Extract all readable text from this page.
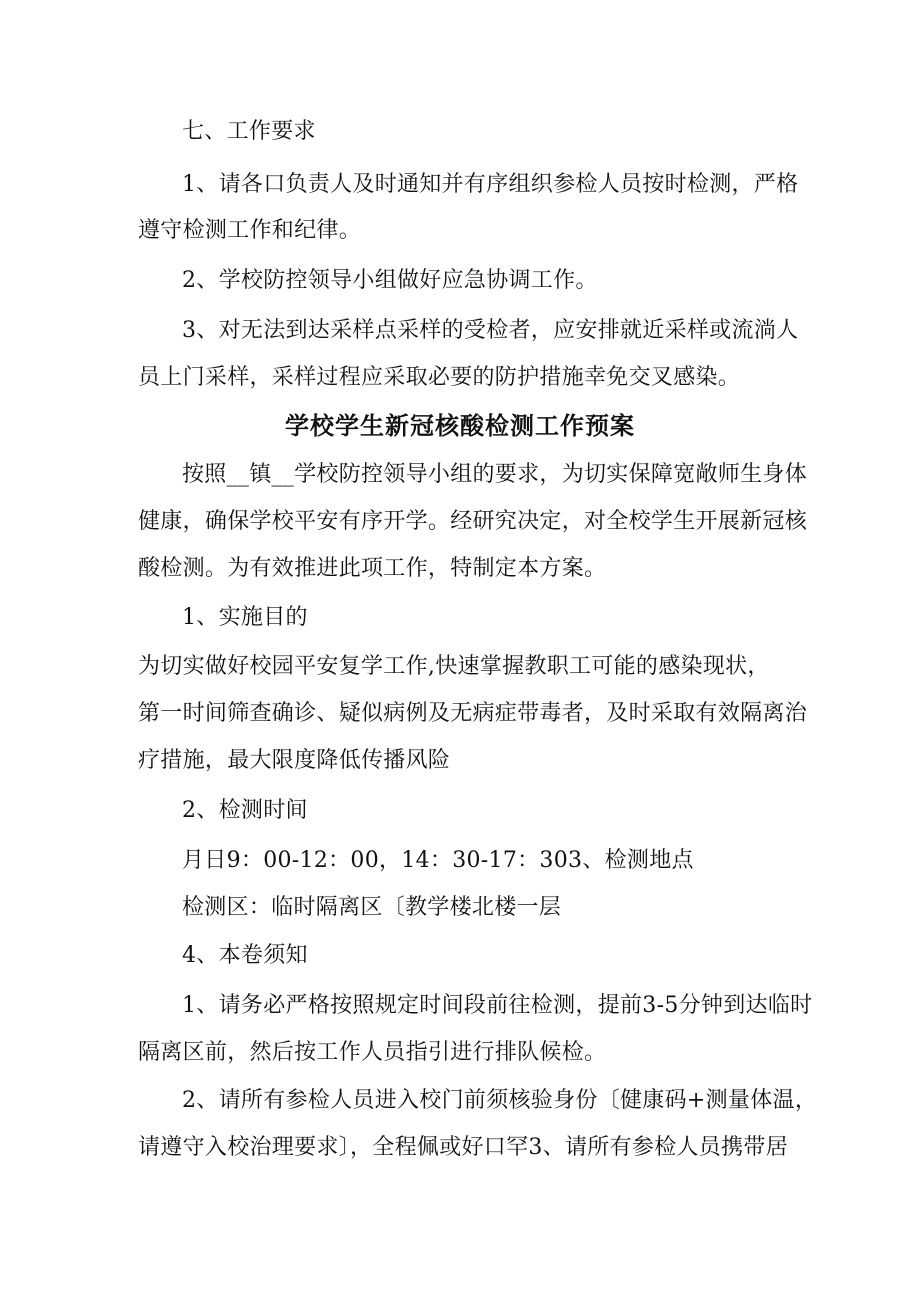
七、工作要求
1、请各口负责人及时通知并有序组织参检人员按时检测，严格
遵守检测工作和纪律。
2、学校防控领导小组做好应急协调工作。
3、对无法到达采样点采样的受检者，应安排就近采样或流淌人
员上门采样，采样过程应采取必要的防护措施幸免交叉感染。
学校学生新冠核酸检测工作预案
按照__镇__学校防控领导小组的要求，为切实保障宽敞师生身体
健康，确保学校平安有序开学。经研究决定，对全校学生开展新冠核
酸检测。为有效推进此项工作，特制定本方案。
1、实施目的
为切实做好校园平安复学工作,快速掌握教职工可能的感染现状，
第一时间筛查确诊、疑似病例及无病症带毒者，及时采取有效隔离治
疗措施，最大限度降低传播风险
2、检测时间
月日9：00-12：00，14：30-17：303、检测地点
检测区：临时隔离区〔教学楼北楼一层
4、本卷须知
1、请务必严格按照规定时间段前往检测，提前3-5分钟到达临时
隔离区前，然后按工作人员指引进行排队候检。
2、请所有参检人员进入校门前须核验身份〔健康码+测量体温，
请遵守入校治理要求〕，全程佩或好口罕3、请所有参检人员携带居
